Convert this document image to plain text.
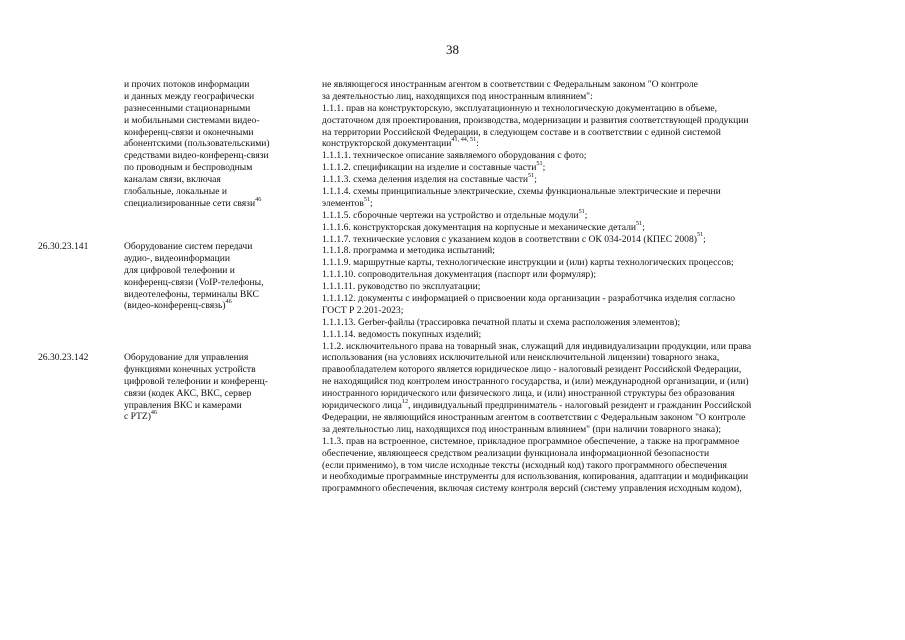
38
и прочих потоков информации
и данных между географически
разнесенными стационарными
и мобильными системами видео-
конференц-связи и оконечными
абонентскими (пользовательскими)
средствами видео-конференц-связи
по проводным и беспроводным
каналам связи, включая
глобальные, локальные и
специализированные сети связи$^{46}$
26.30.23.141	Оборудование систем передачи
аудио-, видеоинформации
для цифровой телефонии и
конференц-связи (VoIP-телефоны,
видеотелефоны, терминалы ВКС
(видео-конференц-связь)$^{46}$
26.30.23.142	Оборудование для управления
функциями конечных устройств
цифровой телефонии и конференц-
связи (кодек АКС, ВКС, сервер
управления ВКС и камерами
с PTZ)$^{46}$
не являющегося иностранным агентом в соответствии с Федеральным законом "О контроле
за деятельностью лиц, находящихся под иностранным влиянием":
1.1.1. прав на конструкторскую, эксплуатационную и технологическую документацию в объеме,
достаточном для проектирования, производства, модернизации и развития соответствующей продукции
на территории Российской Федерации, в следующем составе и в соответствии с единой системой
конструкторской документации$^{41, 44, 51}$:
1.1.1.1. техническое описание заявляемого оборудования с фото;
1.1.1.2. спецификации на изделие и составные части$^{51}$;
1.1.1.3. схема деления изделия на составные части$^{51}$;
1.1.1.4. схемы принципиальные электрические, схемы функциональные электрические и перечни
элементов$^{51}$;
1.1.1.5. сборочные чертежи на устройство и отдельные модули$^{51}$;
1.1.1.6. конструкторская документация на корпусные и механические детали$^{51}$;
1.1.1.7. технические условия с указанием кодов в соответствии с ОК 034-2014 (КПЕС 2008)$^{51}$;
1.1.1.8. программа и методика испытаний;
1.1.1.9. маршрутные карты, технологические инструкции и (или) карты технологических процессов;
1.1.1.10. сопроводительная документация (паспорт или формуляр);
1.1.1.11. руководство по эксплуатации;
1.1.1.12. документы с информацией о присвоении кода организации - разработчика изделия согласно
ГОСТ Р 2.201-2023;
1.1.1.13. Gerber-файлы (трассировка печатной платы и схема расположения элементов);
1.1.1.14. ведомость покупных изделий;
1.1.2. исключительного права на товарный знак, служащий для индивидуализации продукции, или права
использования (на условиях исключительной или неисключительной лицензии) товарного знака,
правообладателем которого является юридическое лицо - налоговый резидент Российской Федерации,
не находящийся под контролем иностранного государства, и (или) международной организации, и (или)
иностранного юридического или физического лица, и (или) иностранной структуры без образования
юридического лица$^{12}$, индивидуальный предприниматель - налоговый резидент и гражданин Российской
Федерации, не являющийся иностранным агентом в соответствии с Федеральным законом "О контроле
за деятельностью лиц, находящихся под иностранным влиянием" (при наличии товарного знака);
1.1.3. прав на встроенное, системное, прикладное программное обеспечение, а также на программное
обеспечение, являющееся средством реализации функционала информационной безопасности
(если применимо), в том числе исходные тексты (исходный код) такого программного обеспечения
и необходимые программные инструменты для использования, копирования, адаптации и модификации
программного обеспечения, включая систему контроля версий (систему управления исходным кодом),
